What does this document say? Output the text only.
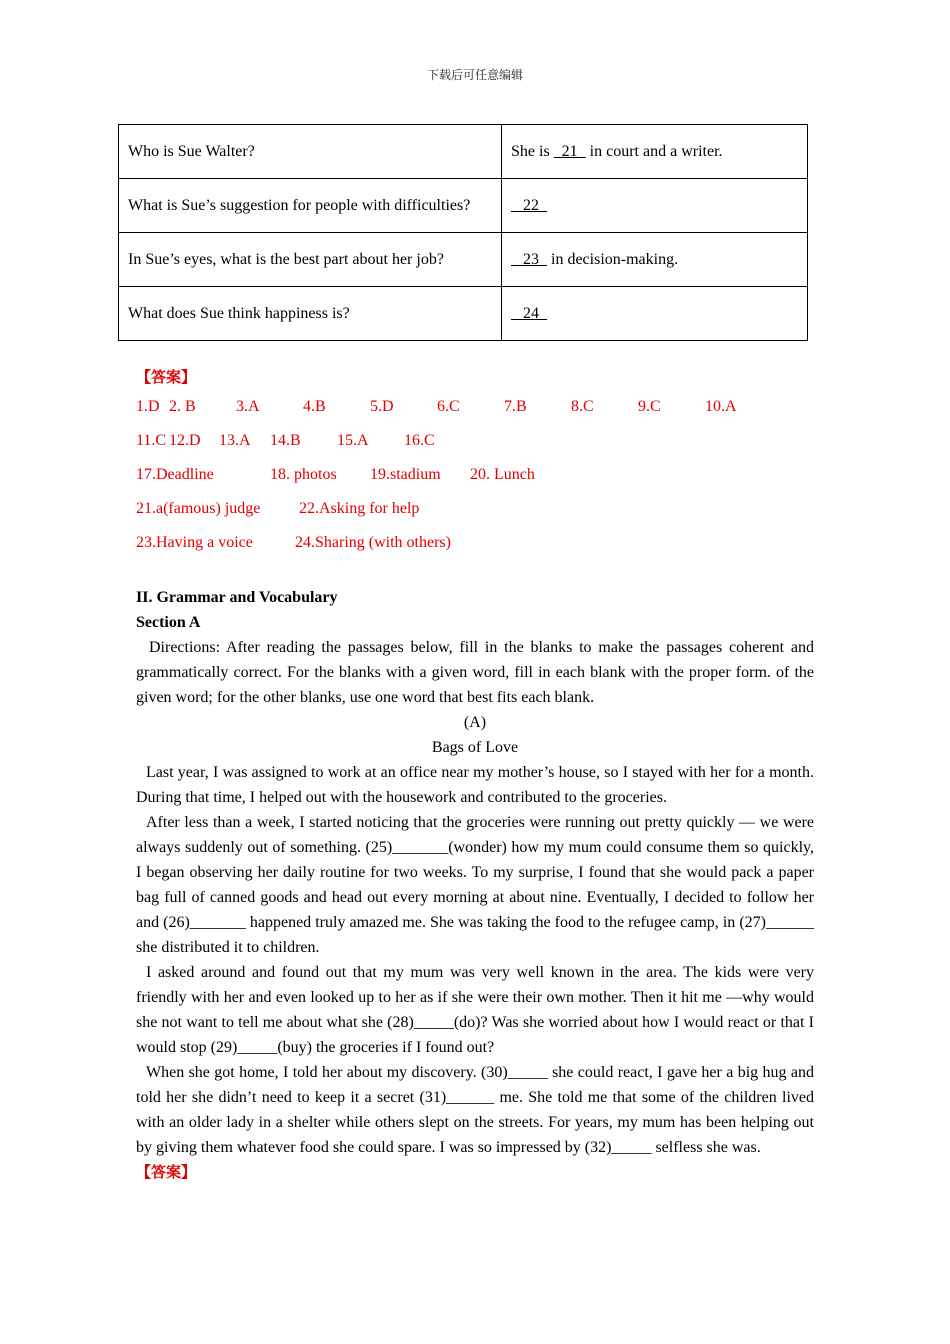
下载后可任意编辑
Who is Sue Walter?	She is   21   in court and a writer.
What is Sue’s suggestion for people with difficulties?	22
In Sue’s eyes, what is the best part about her job?	23   in decision-making.
What does Sue think happiness is?	24
【答案】
1.D 2. B	3.A	4.B	5.D	6.C	7.B	8.C	9.C	10.A
11.C 12.D 13.A 14.B 15.A 16.C
17.Deadline	18. photos 19.stadium 20. Lunch
21.a(famous) judge 22.Asking for help
23.Having a voice	24.Sharing (with others)

II. Grammar and Vocabulary

Section A

Directions: After reading the passages below, fill in the blanks to make the passages coherent and grammatically correct. For the blanks with a given word, fill in each blank with the proper form. of the given word; for the other blanks, use one word that best fits each blank.

(A)

Bags of Love

Last year, I was assigned to work at an office near my mother’s house, so I stayed with her for a month. During that time, I helped out with the housework and contributed to the groceries.

After less than a week, I started noticing that the groceries were running out pretty quickly — we were always suddenly out of something. (25)_______(wonder) how my mum could consume them so quickly, I began observing her daily routine for two weeks. To my surprise, I found that she would pack a paper bag full of canned goods and head out every morning at about nine. Eventually, I decided to follow her and (26)_______ happened truly amazed me. She was taking the food to the refugee camp, in (27)______ she distributed it to children.

I asked around and found out that my mum was very well known in the area. The kids were very friendly with her and even looked up to her as if she were their own mother. Then it hit me —why would she not want to tell me about what she (28)_____(do)? Was she worried about how I would react or that I would stop (29)_____(buy) the groceries if I found out?

When she got home, I told her about my discovery. (30)_____ she could react, I gave her a big hug and told her she didn’t need to keep it a secret (31)______ me. She told me that some of the children lived with an older lady in a shelter while others slept on the streets. For years, my mum has been helping out by giving them whatever food she could spare. I was so impressed by (32)_____ selfless she was.

【答案】
